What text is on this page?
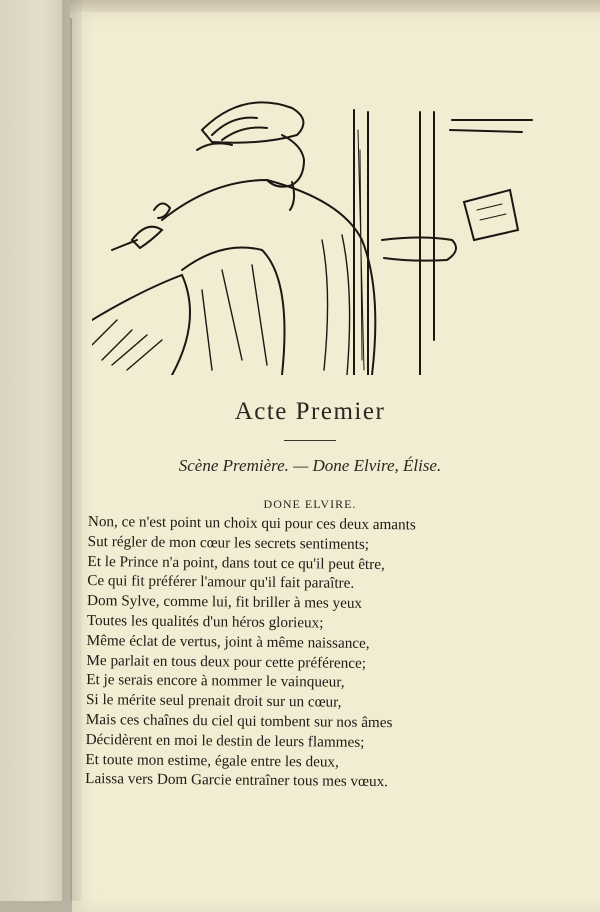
Acte Premier
Scène Première. — Done Elvire, Élise.
DONE ELVIRE.
Non, ce n'est point un choix qui pour ces deux amants
Sut régler de mon cœur les secrets sentiments;
Et le Prince n'a point, dans tout ce qu'il peut être,
Ce qui fit préférer l'amour qu'il fait paraître.
Dom Sylve, comme lui, fit briller à mes yeux
Toutes les qualités d'un héros glorieux;
Même éclat de vertus, joint à même naissance,
Me parlait en tous deux pour cette préférence;
Et je serais encore à nommer le vainqueur,
Si le mérite seul prenait droit sur un cœur,
Mais ces chaînes du ciel qui tombent sur nos âmes
Décidèrent en moi le destin de leurs flammes;
Et toute mon estime, égale entre les deux,
Laissa vers Dom Garcie entraîner tous mes vœux.
